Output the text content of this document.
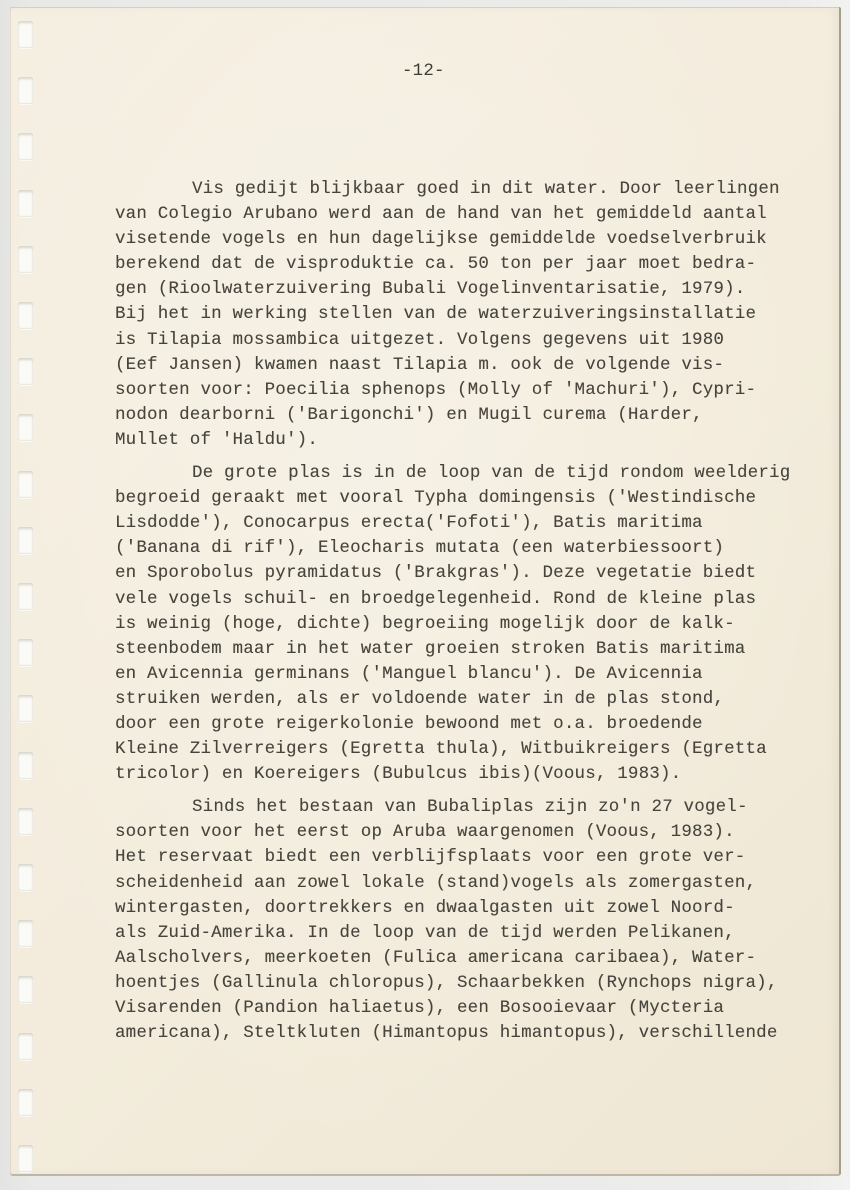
-12-

Vis gedijt blijkbaar goed in dit water. Door leerlingen
van Colegio Arubano werd aan de hand van het gemiddeld aantal
visetende vogels en hun dagelijkse gemiddelde voedselverbruik
berekend dat de visproduktie ca. 50 ton per jaar moet bedra-
gen (Rioolwaterzuivering Bubali Vogelinventarisatie, 1979).
Bij het in werking stellen van de waterzuiveringsinstallatie
is Tilapia mossambica uitgezet. Volgens gegevens uit 1980
(Eef Jansen) kwamen naast Tilapia m. ook de volgende vis-
soorten voor: Poecilia sphenops (Molly of 'Machuri'), Cypri-
nodon dearborni ('Barigonchi') en Mugil curema (Harder,
Mullet of 'Haldu').

De grote plas is in de loop van de tijd rondom weelderig
begroeid geraakt met vooral Typha domingensis ('Westindische
Lisdodde'), Conocarpus erecta('Fofoti'), Batis maritima
('Banana di rif'), Eleocharis mutata (een waterbiessoort)
en Sporobolus pyramidatus ('Brakgras'). Deze vegetatie biedt
vele vogels schuil- en broedgelegenheid. Rond de kleine plas
is weinig (hoge, dichte) begroeiing mogelijk door de kalk-
steenbodem maar in het water groeien stroken Batis maritima
en Avicennia germinans ('Manguel blancu'). De Avicennia
struiken werden, als er voldoende water in de plas stond,
door een grote reigerkolonie bewoond met o.a. broedende
Kleine Zilverreigers (Egretta thula), Witbuikreigers (Egretta
tricolor) en Koereigers (Bubulcus ibis)(Voous, 1983).

Sinds het bestaan van Bubaliplas zijn zo'n 27 vogel-
soorten voor het eerst op Aruba waargenomen (Voous, 1983).
Het reservaat biedt een verblijfsplaats voor een grote ver-
scheidenheid aan zowel lokale (stand)vogels als zomergasten,
wintergasten, doortrekkers en dwaalgasten uit zowel Noord-
als Zuid-Amerika. In de loop van de tijd werden Pelikanen,
Aalscholvers, meerkoeten (Fulica americana caribaea), Water-
hoentjes (Gallinula chloropus), Schaarbekken (Rynchops nigra),
Visarenden (Pandion haliaetus), een Bosooievaar (Mycteria
americana), Steltkluten (Himantopus himantopus), verschillende
